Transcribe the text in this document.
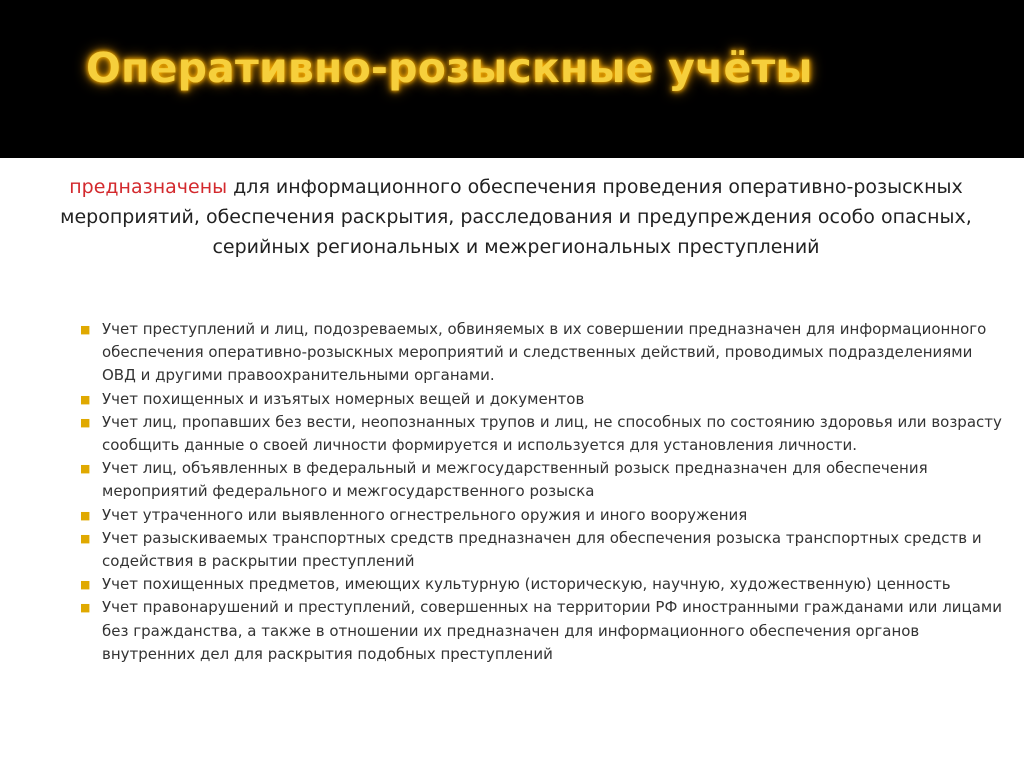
Оперативно-розыскные учёты
предназначены для информационного обеспечения проведения оперативно-розыскных мероприятий, обеспечения раскрытия, расследования и предупреждения особо опасных, серийных региональных и межрегиональных преступлений
■ Учет преступлений и лиц, подозреваемых, обвиняемых в их совершении предназначен для информационного обеспечения оперативно-розыскных мероприятий и следственных действий, проводимых подразделениями ОВД и другими правоохранительными органами.
■ Учет похищенных и изъятых номерных вещей и документов
■ Учет лиц, пропавших без вести, неопознанных трупов и лиц, не способных по состоянию здоровья или возрасту сообщить данные о своей личности формируется и используется для установления личности.
■ Учет лиц, объявленных в федеральный и межгосударственный розыск предназначен для обеспечения мероприятий федерального и межгосударственного розыска
■ Учет утраченного или выявленного огнестрельного оружия и иного вооружения
■ Учет разыскиваемых транспортных средств предназначен для обеспечения розыска транспортных средств и содействия в раскрытии преступлений
■ Учет похищенных предметов, имеющих культурную (историческую, научную, художественную) ценность
■ Учет правонарушений и преступлений, совершенных на территории РФ иностранными гражданами или лицами без гражданства, а также в отношении их предназначен для информационного обеспечения органов внутренних дел для раскрытия подобных преступлений
